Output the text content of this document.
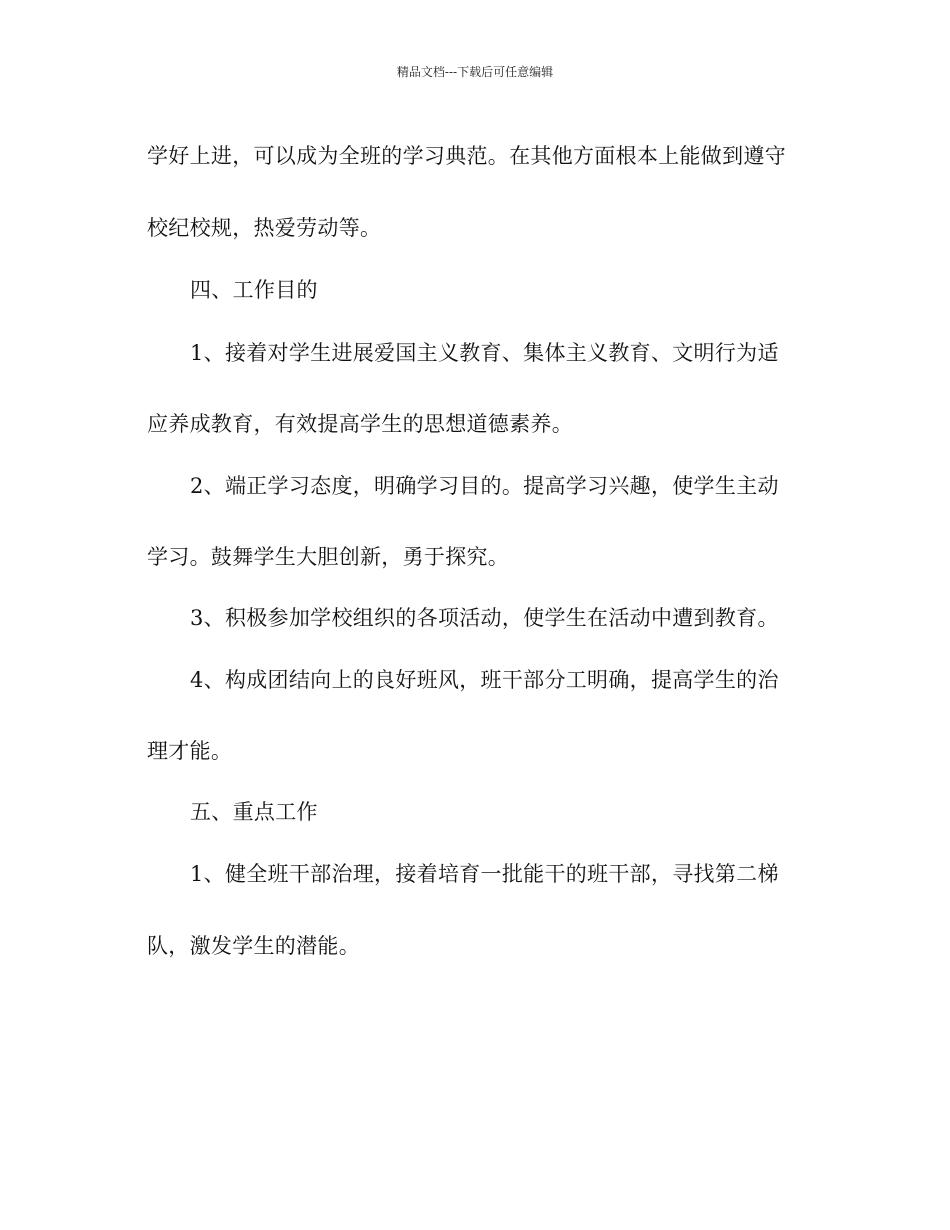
精品文档---下载后可任意编辑
学好上进，可以成为全班的学习典范。在其他方面根本上能做到遵守
校纪校规，热爱劳动等。
四、工作目的
1、接着对学生进展爱国主义教育、集体主义教育、文明行为适
应养成教育，有效提高学生的思想道德素养。
2、端正学习态度，明确学习目的。提高学习兴趣，使学生主动
学习。鼓舞学生大胆创新，勇于探究。
3、积极参加学校组织的各项活动，使学生在活动中遭到教育。
4、构成团结向上的良好班风，班干部分工明确，提高学生的治
理才能。
五、重点工作
1、健全班干部治理，接着培育一批能干的班干部，寻找第二梯
队，激发学生的潜能。
